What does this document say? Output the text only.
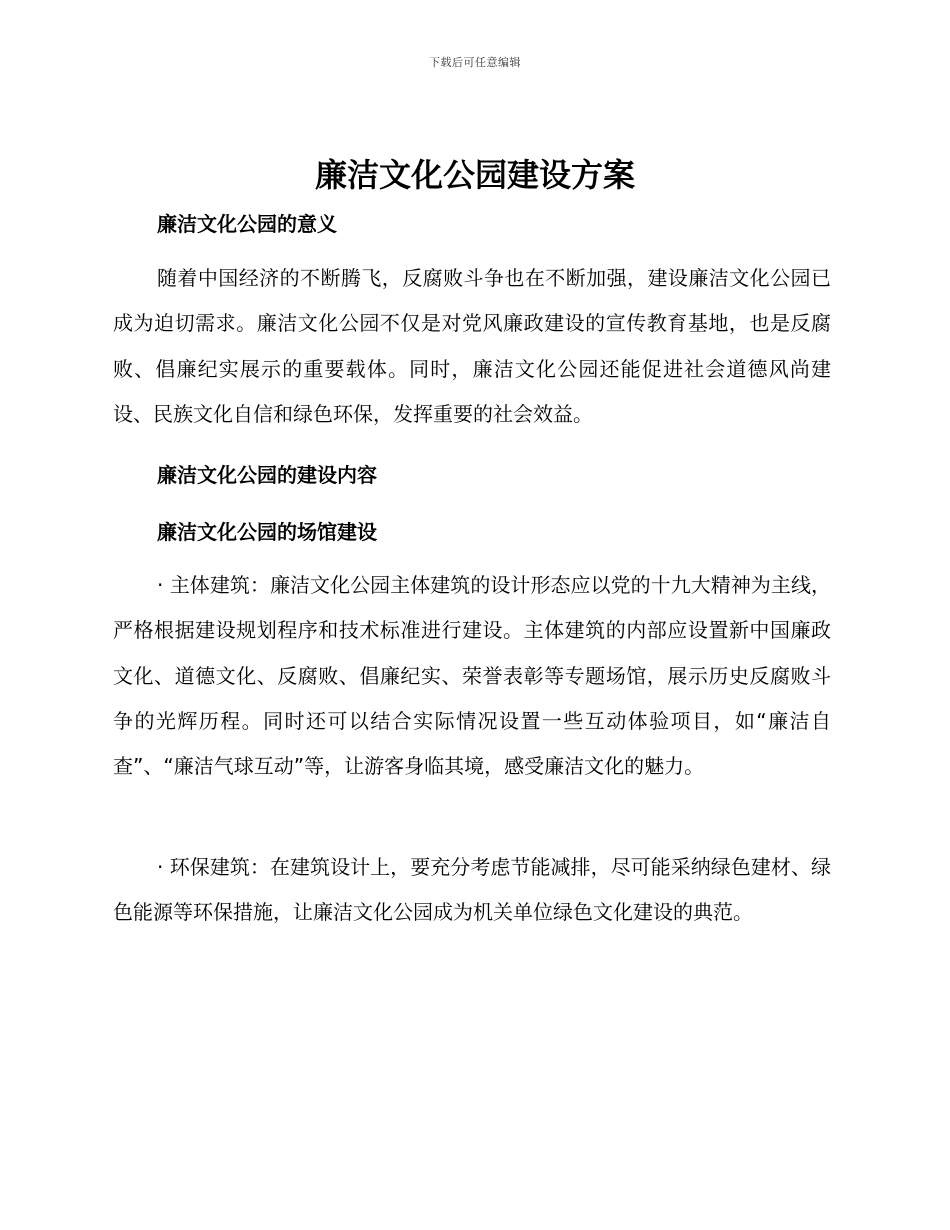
下载后可任意编辑
廉洁文化公园建设方案
廉洁文化公园的意义

随着中国经济的不断腾飞，反腐败斗争也在不断加强，建设廉洁文化公园已成为迫切需求。廉洁文化公园不仅是对党风廉政建设的宣传教育基地，也是反腐败、倡廉纪实展示的重要载体。同时，廉洁文化公园还能促进社会道德风尚建设、民族文化自信和绿色环保，发挥重要的社会效益。

廉洁文化公园的建设内容
廉洁文化公园的场馆建设

· 主体建筑：廉洁文化公园主体建筑的设计形态应以党的十九大精神为主线，严格根据建设规划程序和技术标准进行建设。主体建筑的内部应设置新中国廉政文化、道德文化、反腐败、倡廉纪实、荣誉表彰等专题场馆，展示历史反腐败斗争的光辉历程。同时还可以结合实际情况设置一些互动体验项目，如“廉洁自查”、“廉洁气球互动”等，让游客身临其境，感受廉洁文化的魅力。

· 环保建筑：在建筑设计上，要充分考虑节能减排，尽可能采纳绿色建材、绿色能源等环保措施，让廉洁文化公园成为机关单位绿色文化建设的典范。
